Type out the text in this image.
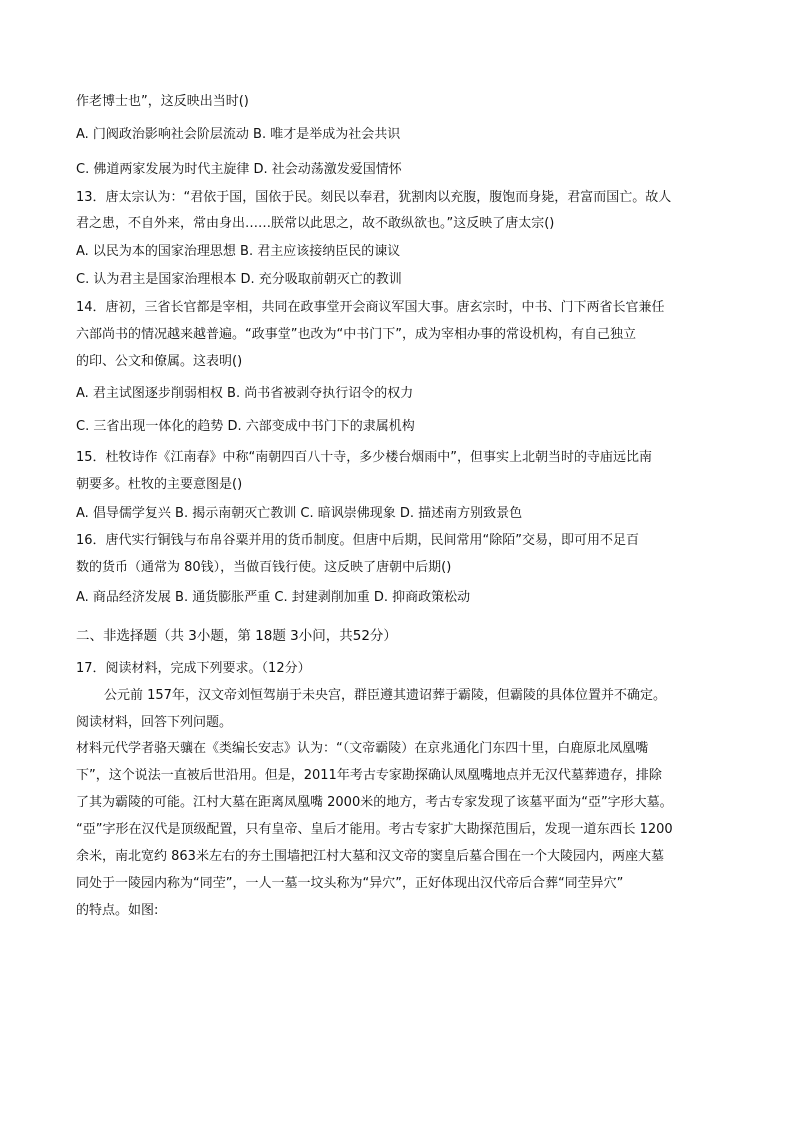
作老博士也”，这反映出当时()
A. 门阀政治影响社会阶层流动 B. 唯才是举成为社会共识
C. 佛道两家发展为时代主旋律 D. 社会动荡激发爱国情怀
13．唐太宗认为：“君依于国，国依于民。刻民以奉君，犹割肉以充腹，腹饱而身毙，君富而国亡。故人
君之患，不自外来，常由身出……朕常以此思之，故不敢纵欲也。”这反映了唐太宗()
A. 以民为本的国家治理思想 B. 君主应该接纳臣民的谏议
C. 认为君主是国家治理根本 D. 充分吸取前朝灭亡的教训
14．唐初，三省长官都是宰相，共同在政事堂开会商议军国大事。唐玄宗时，中书、门下两省长官兼任
六部尚书的情况越来越普遍。“政事堂”也改为“中书门下”，成为宰相办事的常设机构，有自己独立
的印、公文和僚属。这表明()
A. 君主试图逐步削弱相权 B. 尚书省被剥夺执行诏令的权力
C. 三省出现一体化的趋势 D. 六部变成中书门下的隶属机构
15．杜牧诗作《江南春》中称“南朝四百八十寺，多少楼台烟雨中”，但事实上北朝当时的寺庙远比南
朝要多。杜牧的主要意图是()
A. 倡导儒学复兴 B. 揭示南朝灭亡教训 C. 暗讽崇佛现象 D. 描述南方别致景色
16．唐代实行铜钱与布帛谷粟并用的货币制度。但唐中后期，民间常用“除陌”交易，即可用不足百
数的货币（通常为 80钱），当做百钱行使。这反映了唐朝中后期()
A. 商品经济发展 B. 通货膨胀严重 C. 封建剥削加重 D. 抑商政策松动
二、非选择题（共 3小题，第 18题 3小问，共52分）
17．阅读材料，完成下列要求。（12分）
公元前 157年，汉文帝刘恒驾崩于未央宫，群臣遵其遗诏葬于霸陵，但霸陵的具体位置并不确定。
阅读材料，回答下列问题。
材料元代学者骆天骧在《类编长安志》认为：“（文帝霸陵）在京兆通化门东四十里，白鹿原北凤凰嘴
下”，这个说法一直被后世沿用。但是，2011年考古专家勘探确认凤凰嘴地点并无汉代墓葬遗存，排除
了其为霸陵的可能。江村大墓在距离凤凰嘴 2000米的地方，考古专家发现了该墓平面为“亞”字形大墓。
“亞”字形在汉代是顶级配置，只有皇帝、皇后才能用。考古专家扩大勘探范围后，发现一道东西长 1200
余米，南北宽约 863米左右的夯土围墙把江村大墓和汉文帝的窦皇后墓合围在一个大陵园内，两座大墓
同处于一陵园内称为“同茔”，一人一墓一坟头称为“异穴”，正好体现出汉代帝后合葬“同茔异穴”
的特点。如图:
